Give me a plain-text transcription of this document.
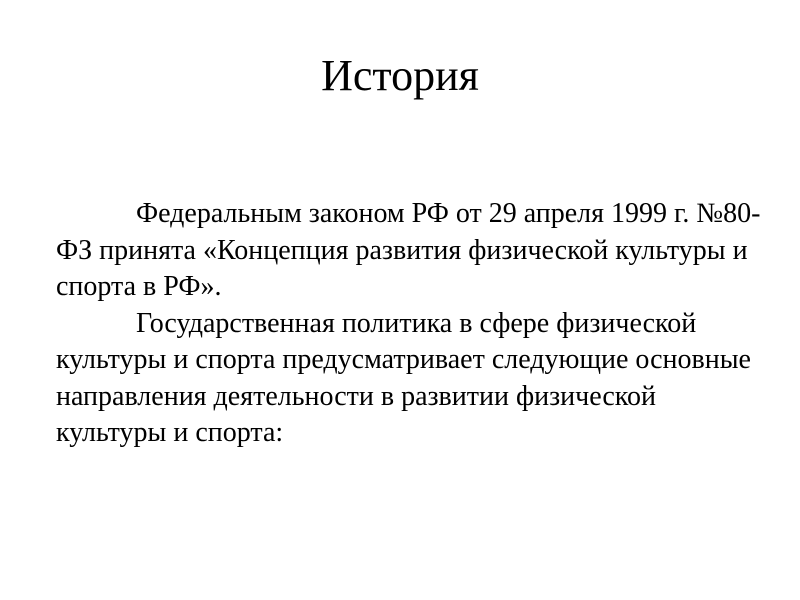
История

Федеральным законом РФ от 29 апреля 1999 г. №80-ФЗ принята «Концепция развития физической культуры и спорта в РФ».

Государственная политика в сфере физической культуры и спорта предусматривает следующие основные направления деятельности в развитии физической культуры и спорта:
